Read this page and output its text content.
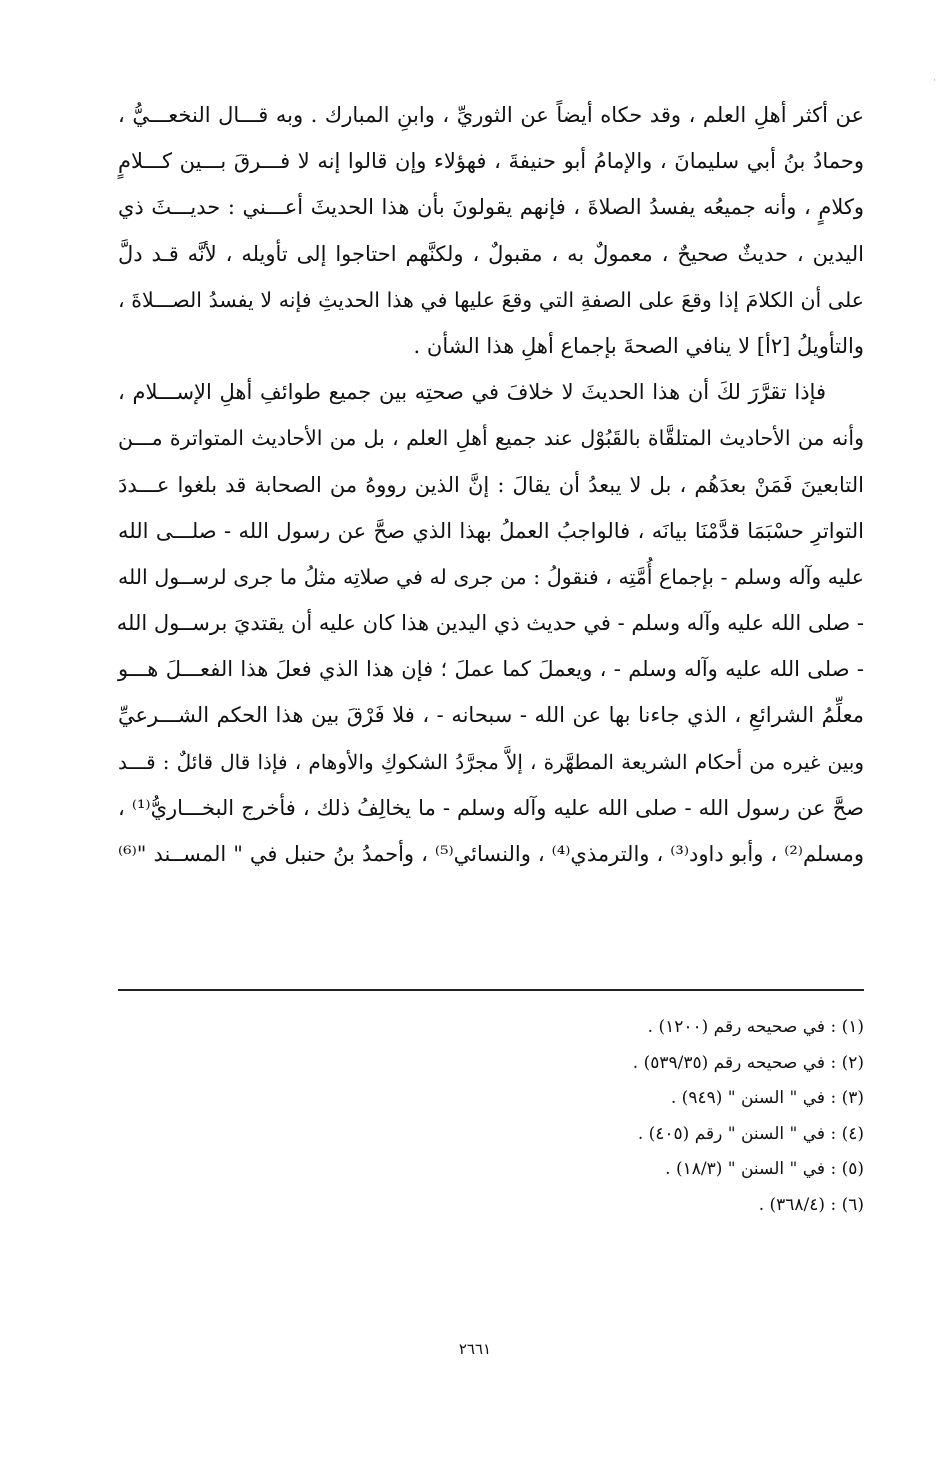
·
عن أكثر أهلِ العلم ، وقد حكاه أيضاً عن الثوريِّ ، وابنِ المبارك . وبه قـــال النخعـــيُّ ،
وحمادُ بنُ أبي سليمانَ ، والإمامُ أبو حنيفةَ ، فهؤلاء وإن قالوا إنه لا فـــرقَ بـــين كـــلامٍ
وكلامٍ ، وأنه جميعُه يفسدُ الصلاةَ ، فإنهم يقولونَ بأن هذا الحديثَ أعـــني : حديـــثَ ذي
اليدين ، حديثٌ صحيحٌ ، معمولٌ به ، مقبولٌ ، ولكنَّهم احتاجوا إلى تأويله ، لأنَّه قـد دلَّ
على أن الكلامَ إذا وقعَ على الصفةِ التي وقعَ عليها في هذا الحديثِ فإنه لا يفسدُ الصـــلاةَ ،
والتأويلُ [٢أ] لا ينافي الصحةَ بإجماع أهلِ هذا الشأن .
فإذا تقرَّرَ لكَ أن هذا الحديثَ لا خلافَ في صحتِه بين جميع طوائفِ أهلِ الإســـلام ،
وأنه من الأحاديث المتلقَّاة بالقَبُوْل عند جميع أهلِ العلم ، بل من الأحاديث المتواترة مـــن
التابعينَ فَمَنْ بعدَهُم ، بل لا يبعدُ أن يقالَ : إنَّ الذين رووهُ من الصحابة قد بلغوا عـــددَ
التواترِ حسْبَمَا قدَّمْنَا بيانَه ، فالواجبُ العملُ بهذا الذي صحَّ عن رسول الله - صلـــى الله
عليه وآله وسلم - بإجماع أُمَّتِه ، فنقولُ : من جرى له في صلاتِه مثلُ ما جرى لرســول الله
- صلى الله عليه وآله وسلم - في حديث ذي اليدين هذا كان عليه أن يقتديَ برســول الله
- صلى الله عليه وآله وسلم - ، ويعملَ كما عملَ ؛ فإن هذا الذي فعلَ هذا الفعـــلَ هـــو
معلِّمُ الشرائعِ ، الذي جاءنا بها عن الله - سبحانه - ، فلا فَرْقَ بين هذا الحكم الشـــرعيِّ
وبين غيره من أحكام الشريعة المطهَّرة ، إلاَّ مجرَّدُ الشكوكِ والأوهام ، فإذا قال قائلٌ : قـــد
صحَّ عن رسول الله - صلى الله عليه وآله وسلم - ما يخالِفُ ذلك ، فأخرج البخـــاريُّ⁽¹⁾ ،
ومسلم⁽²⁾ ، وأبو داود⁽³⁾ ، والترمذي⁽⁴⁾ ، والنسائي⁽⁵⁾ ، وأحمدُ بنُ حنبل في " المســند "⁽⁶⁾
(١) : في صحيحه رقم (١٢٠٠) .
(٢) : في صحيحه رقم (٥٣٩/٣٥) .
(٣) : في " السنن " (٩٤٩) .
(٤) : في " السنن " رقم (٤٠٥) .
(٥) : في " السنن " (١٨/٣) .
(٦) : (٣٦٨/٤) .
٢٦٦١
